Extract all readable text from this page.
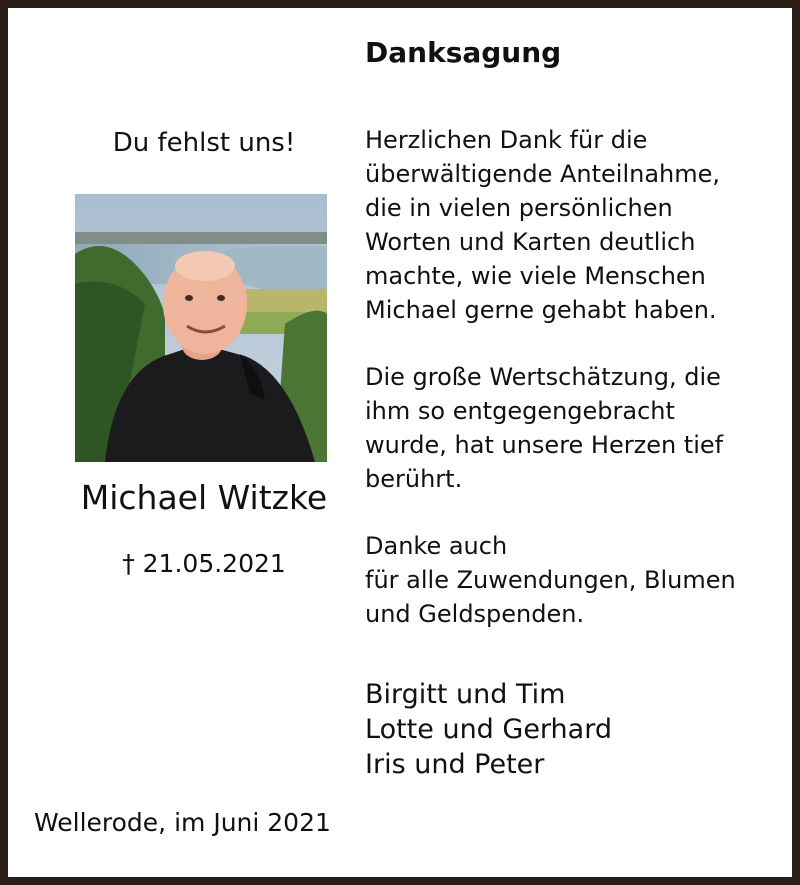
Du fehlst uns!
Michael Witzke
† 21.05.2021
Wellerode, im Juni 2021
Danksagung
Herzlichen Dank für die
überwältigende Anteilnahme,
die in vielen persönlichen
Worten und Karten deutlich
machte, wie viele Menschen
Michael gerne gehabt haben.
Die große Wertschätzung, die
ihm so entgegengebracht
wurde, hat unsere Herzen tief
berührt.
Danke auch
für alle Zuwendungen, Blumen
und Geldspenden.
Birgitt und Tim
Lotte und Gerhard
Iris und Peter
